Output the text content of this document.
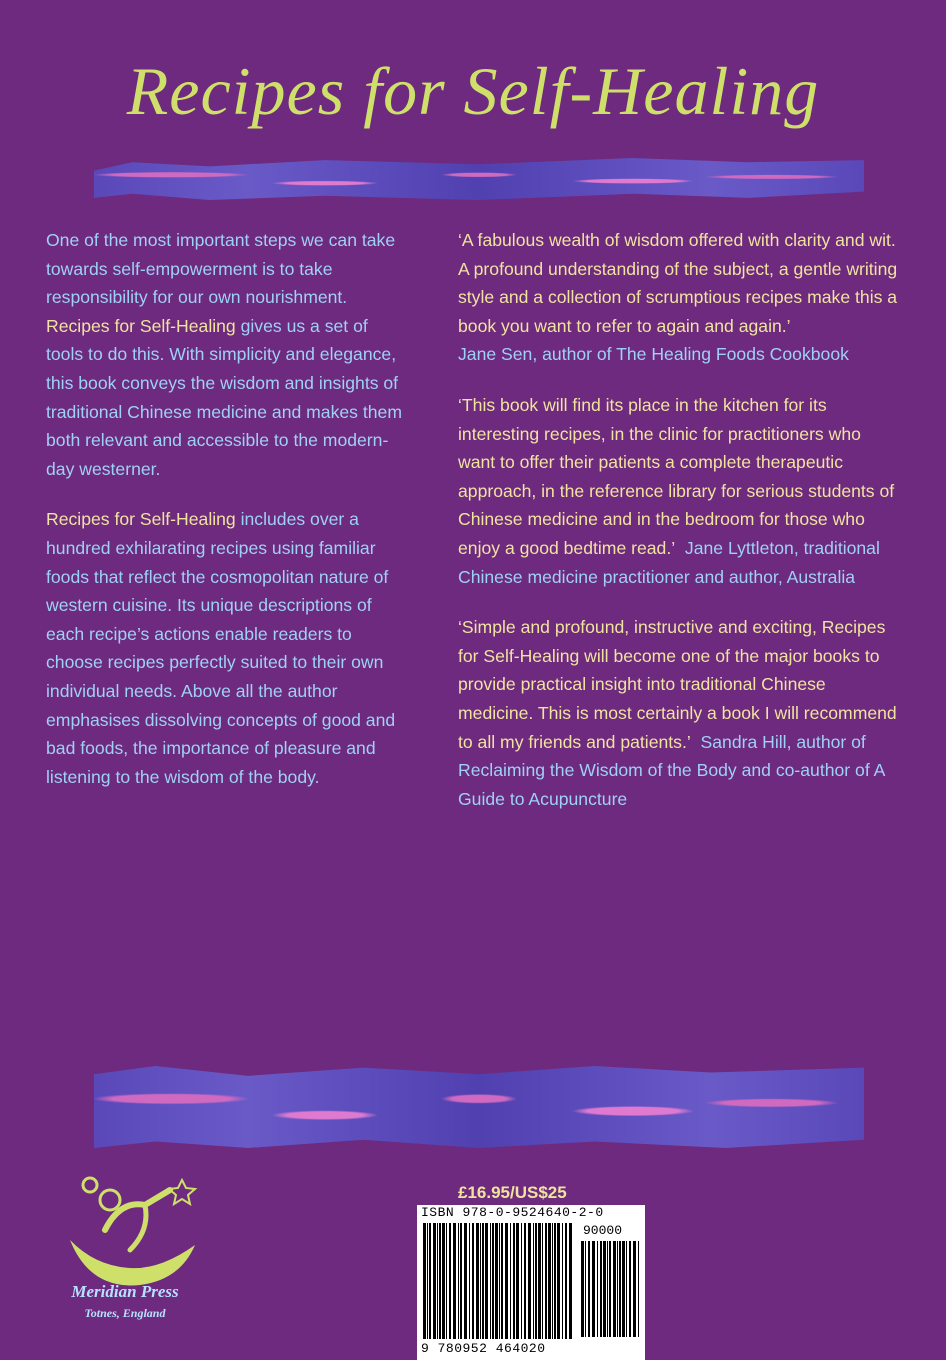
Recipes for Self-Healing

One of the most important steps we can take towards self-empowerment is to take responsibility for our own nourishment. Recipes for Self-Healing gives us a set of tools to do this. With simplicity and elegance, this book conveys the wisdom and insights of traditional Chinese medicine and makes them both relevant and accessible to the modern-day westerner.

Recipes for Self-Healing includes over a hundred exhilarating recipes using familiar foods that reflect the cosmopolitan nature of western cuisine. Its unique descriptions of each recipe’s actions enable readers to choose recipes perfectly suited to their own individual needs. Above all the author emphasises dissolving concepts of good and bad foods, the importance of pleasure and listening to the wisdom of the body.

‘A fabulous wealth of wisdom offered with clarity and wit. A profound understanding of the subject, a gentle writing style and a collection of scrumptious recipes make this a book you want to refer to again and again.’
Jane Sen, author of The Healing Foods Cookbook

‘This book will find its place in the kitchen for its interesting recipes, in the clinic for practitioners who want to offer their patients a complete therapeutic approach, in the reference library for serious students of Chinese medicine and in the bedroom for those who enjoy a good bedtime read.’ Jane Lyttleton, traditional Chinese medicine practitioner and author, Australia

‘Simple and profound, instructive and exciting, Recipes for Self-Healing will become one of the major books to provide practical insight into traditional Chinese medicine. This is most certainly a book I will recommend to all my friends and patients.’ Sandra Hill, author of Reclaiming the Wisdom of the Body and co-author of A Guide to Acupuncture

Meridian Press
Totnes, England
£16.95/US$25
ISBN 978-0-9524640-2-0
90000
9 780952 464020
